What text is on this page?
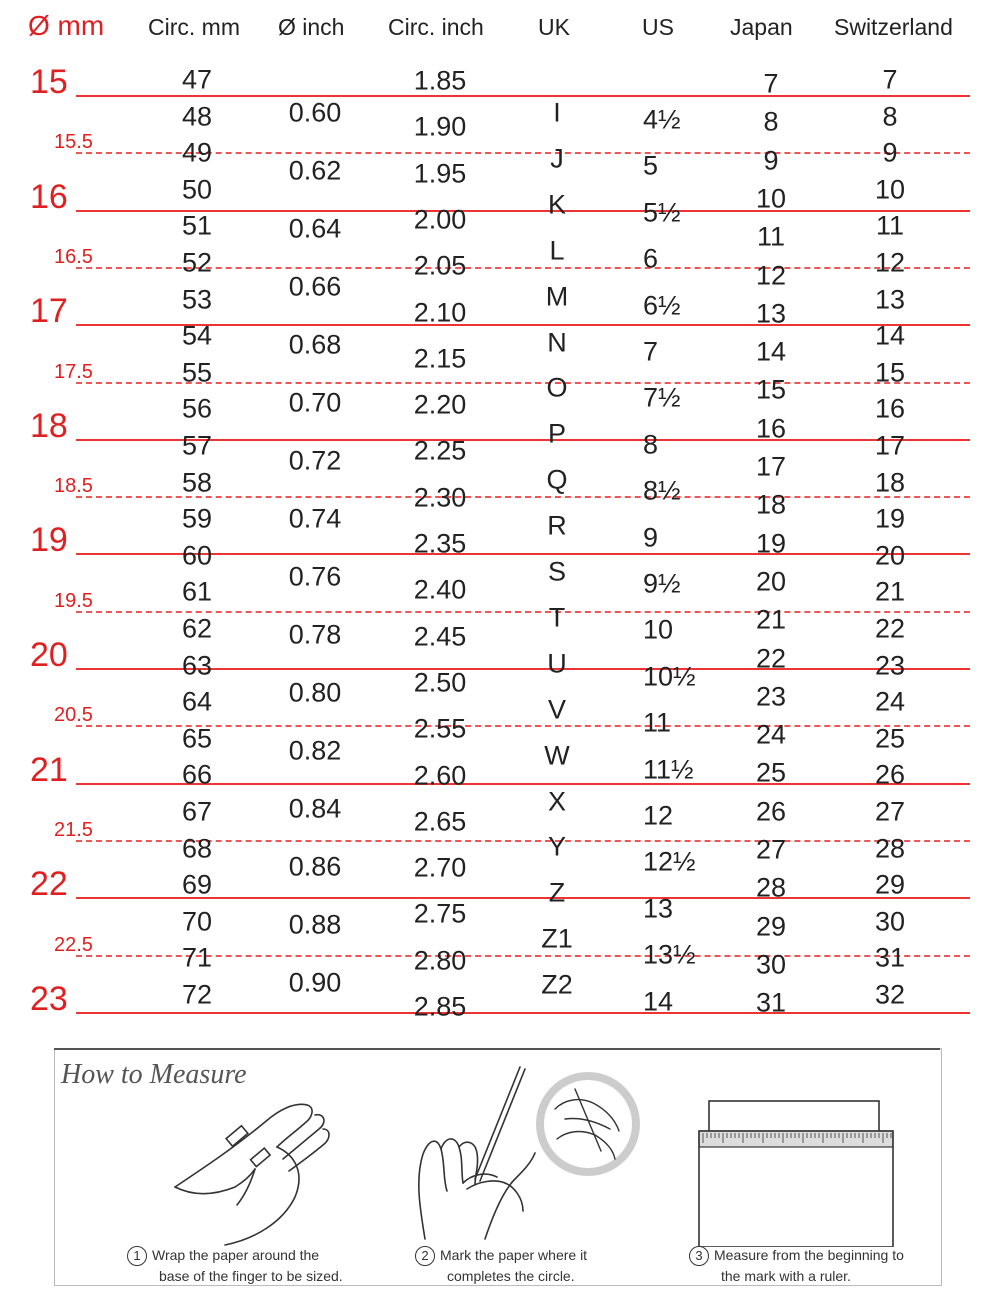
Ø mm Circ. mm Ø inch Circ. inch UK	US Japan Switzerland
15
15.5
16
16.5
17
17.5
18
18.5
19
19.5
20
20.5
21
21.5
22
22.5
23
47
48
49
50
51
52
53
54
55
56
57
58
59
60
61
62
63
64
65
66
67
68
69
70
71
72
0.60
0.62
0.64
0.66
0.68
0.70
0.72
0.74
0.76
0.78
0.80
0.82
0.84
0.86
0.88
0.90
1.85
1.90
1.95
2.00
2.05
2.10
2.15
2.20
2.25
2.30
2.35
2.40
2.45
2.50
2.55
2.60
2.65
2.70
2.75
2.80
2.85
I
J
K
L
M
N
O
P
Q
R
S
T
U
V
W
X
Y
Z
Z1
Z2
4½
5
5½
6
6½
7
7½
8
8½
9
9½
10
10½
11
11½
12
12½
13
13½
14
7
8
9
10
11
12
13
14
15
16
17
18
19
20
21
22
23
24
25
26
27
28
29
30
31
7
8
9
10
11
12
13
14
15
16
17
18
19
20
21
22
23
24
25
26
27
28
29
30
31
32
How to Measure
1 Wrap the paper around the
base of the finger to be sized.
2 Mark the paper where it
completes the circle.
3 Measure from the beginning to
the mark with a ruler.
